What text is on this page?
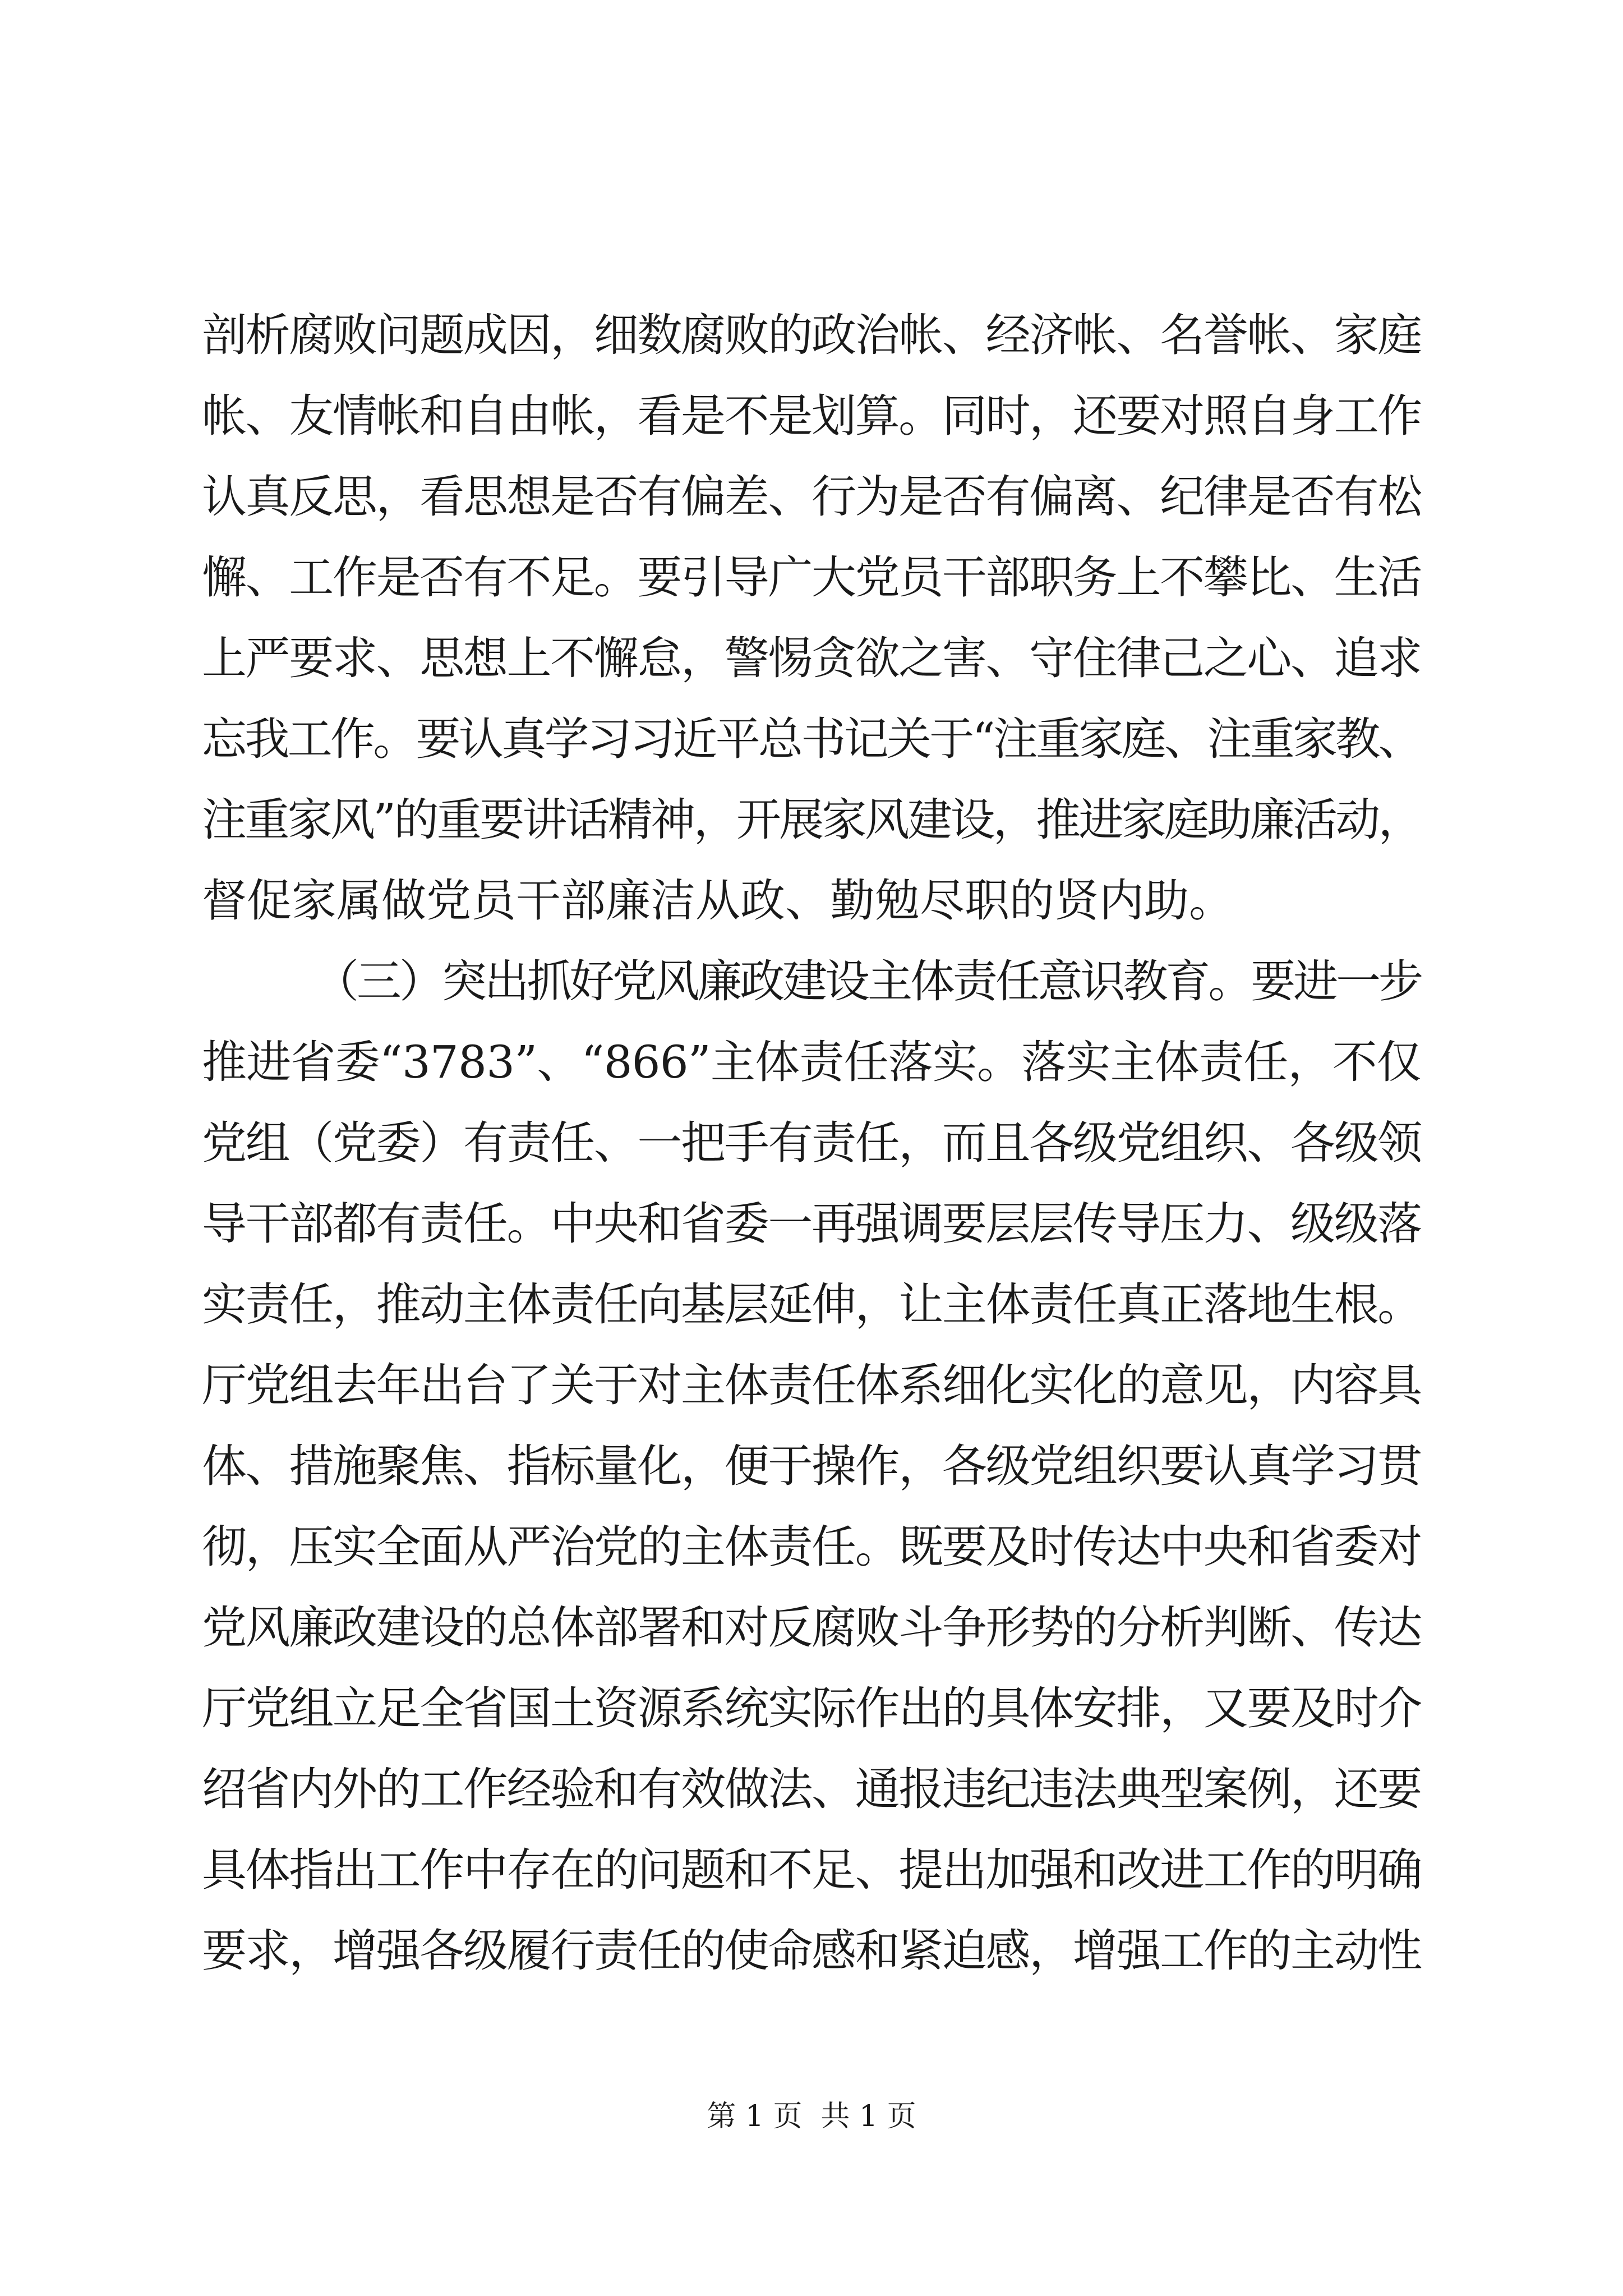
剖析腐败问题成因，细数腐败的政治帐、经济帐、名誉帐、家庭
帐、友情帐和自由帐，看是不是划算。同时，还要对照自身工作
认真反思，看思想是否有偏差、行为是否有偏离、纪律是否有松
懈、工作是否有不足。要引导广大党员干部职务上不攀比、生活
上严要求、思想上不懈怠，警惕贪欲之害、守住律己之心、追求
忘我工作。要认真学习习近平总书记关于“注重家庭、注重家教、
注重家风”的重要讲话精神，开展家风建设，推进家庭助廉活动，
督促家属做党员干部廉洁从政、勤勉尽职的贤内助。
（三）突出抓好党风廉政建设主体责任意识教育。要进一步
推进省委“3783”、“866”主体责任落实。落实主体责任，不仅
党组（党委）有责任、一把手有责任，而且各级党组织、各级领
导干部都有责任。中央和省委一再强调要层层传导压力、级级落
实责任，推动主体责任向基层延伸，让主体责任真正落地生根。
厅党组去年出台了关于对主体责任体系细化实化的意见，内容具
体、措施聚焦、指标量化，便于操作，各级党组织要认真学习贯
彻，压实全面从严治党的主体责任。既要及时传达中央和省委对
党风廉政建设的总体部署和对反腐败斗争形势的分析判断、传达
厅党组立足全省国土资源系统实际作出的具体安排，又要及时介
绍省内外的工作经验和有效做法、通报违纪违法典型案例，还要
具体指出工作中存在的问题和不足、提出加强和改进工作的明确
要求，增强各级履行责任的使命感和紧迫感，增强工作的主动性
第 1 页  共 1 页
